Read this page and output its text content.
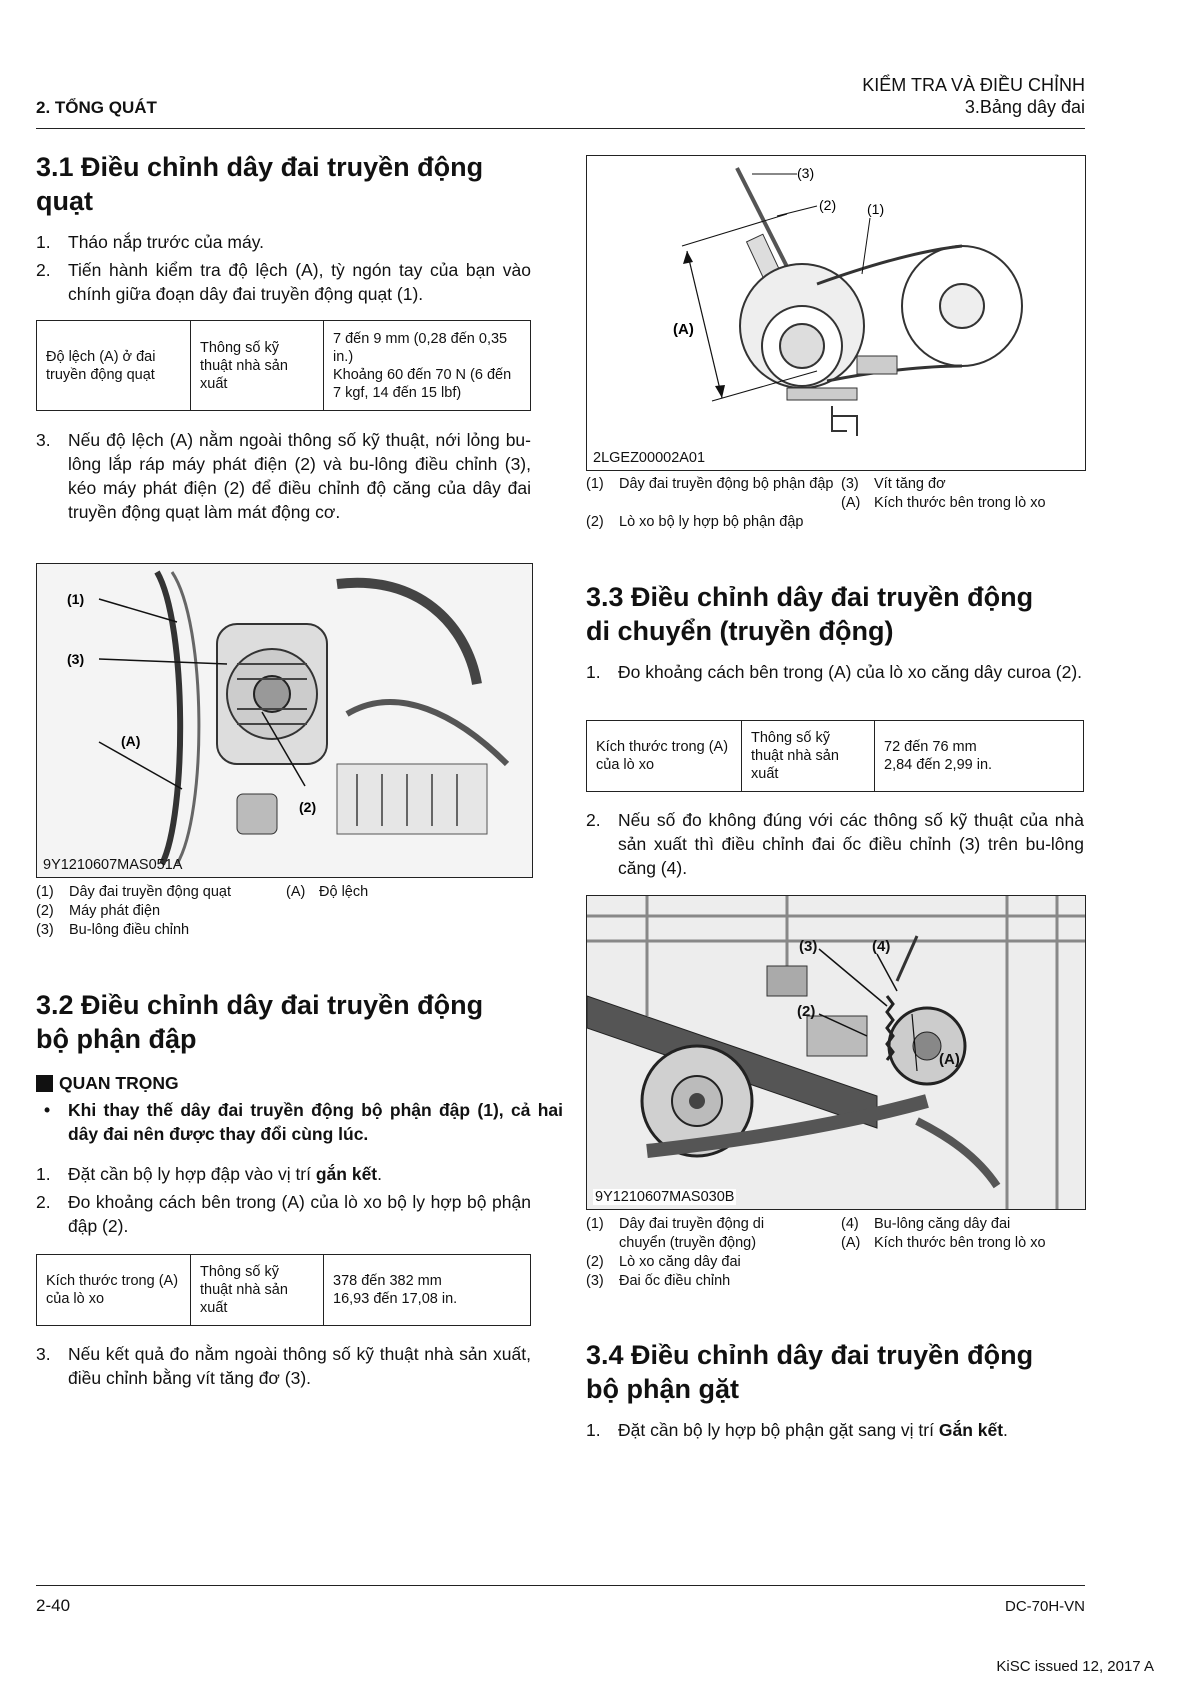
2. TỔNG QUÁT
KIỂM TRA VÀ ĐIỀU CHỈNH
3.Bảng dây đai
3.1 Điều chỉnh dây đai truyền động
quạt
1. Tháo nắp trước của máy.
2. Tiến hành kiểm tra độ lệch (A), tỳ ngón tay của bạn vào chính giữa đoạn dây đai truyền động quạt (1).
Độ lệch (A) ở đai truyền động quạt	Thông số kỹ thuật nhà sản xuất	7 đến 9 mm (0,28 đến 0,35 in.)
Khoảng 60 đến 70 N (6 đến 7 kgf, 14 đến 15 lbf)
3. Nếu độ lệch (A) nằm ngoài thông số kỹ thuật, nới lỏng bu-lông lắp ráp máy phát điện (2) và bu-lông điều chỉnh (3), kéo máy phát điện (2) để điều chỉnh độ căng của dây đai truyền động quạt làm mát động cơ.
(1)
(3)
(A)
(2)
9Y1210607MAS051A
(1)	Dây đai truyền động quạt	(A) Độ lệch
(2)	Máy phát điện
(3)	Bu-lông điều chỉnh
3.2 Điều chỉnh dây đai truyền động
bộ phận đập
QUAN TRỌNG
• Khi thay thế dây đai truyền động bộ phận đập (1), cả hai dây đai nên được thay đổi cùng lúc.
1. Đặt cần bộ ly hợp đập vào vị trí gắn kết.
2. Đo khoảng cách bên trong (A) của lò xo bộ ly hợp bộ phận đập (2).
Kích thước trong (A) của lò xo	Thông số kỹ thuật nhà sản xuất	378 đến 382 mm
16,93 đến 17,08 in.
3. Nếu kết quả đo nằm ngoài thông số kỹ thuật nhà sản xuất, điều chỉnh bằng vít tăng đơ (3).
(3)
(2) (1)
(A)
2LGEZ00002A01
(1)	Dây đai truyền động bộ phận đập (3)	Vít tăng đơ
(A) Kích thước bên trong lò xo
(2)	Lò xo bộ ly hợp bộ phận đập
3.3 Điều chỉnh dây đai truyền động
di chuyển (truyền động)
1. Đo khoảng cách bên trong (A) của lò xo căng dây curoa (2).
Kích thước trong (A) của lò xo	Thông số kỹ thuật nhà sản xuất	72 đến 76 mm
2,84 đến 2,99 in.
2. Nếu số đo không đúng với các thông số kỹ thuật của nhà sản xuất thì điều chỉnh đai ốc điều chỉnh (3) trên bu-lông căng (4).
(3)	(4)
(2)
(A)
9Y1210607MAS030B
(1)	Dây đai truyền động di chuyển (truyền động)
(4)	Bu-lông căng dây đai
(A) Kích thước bên trong lò xo
(2)	Lò xo căng dây đai
(3)	Đai ốc điều chỉnh
3.4 Điều chỉnh dây đai truyền động
bộ phận gặt
1. Đặt cần bộ ly hợp bộ phận gặt sang vị trí Gắn kết.
2-40	DC-70H-VN
KiSC issued 12, 2017 A
